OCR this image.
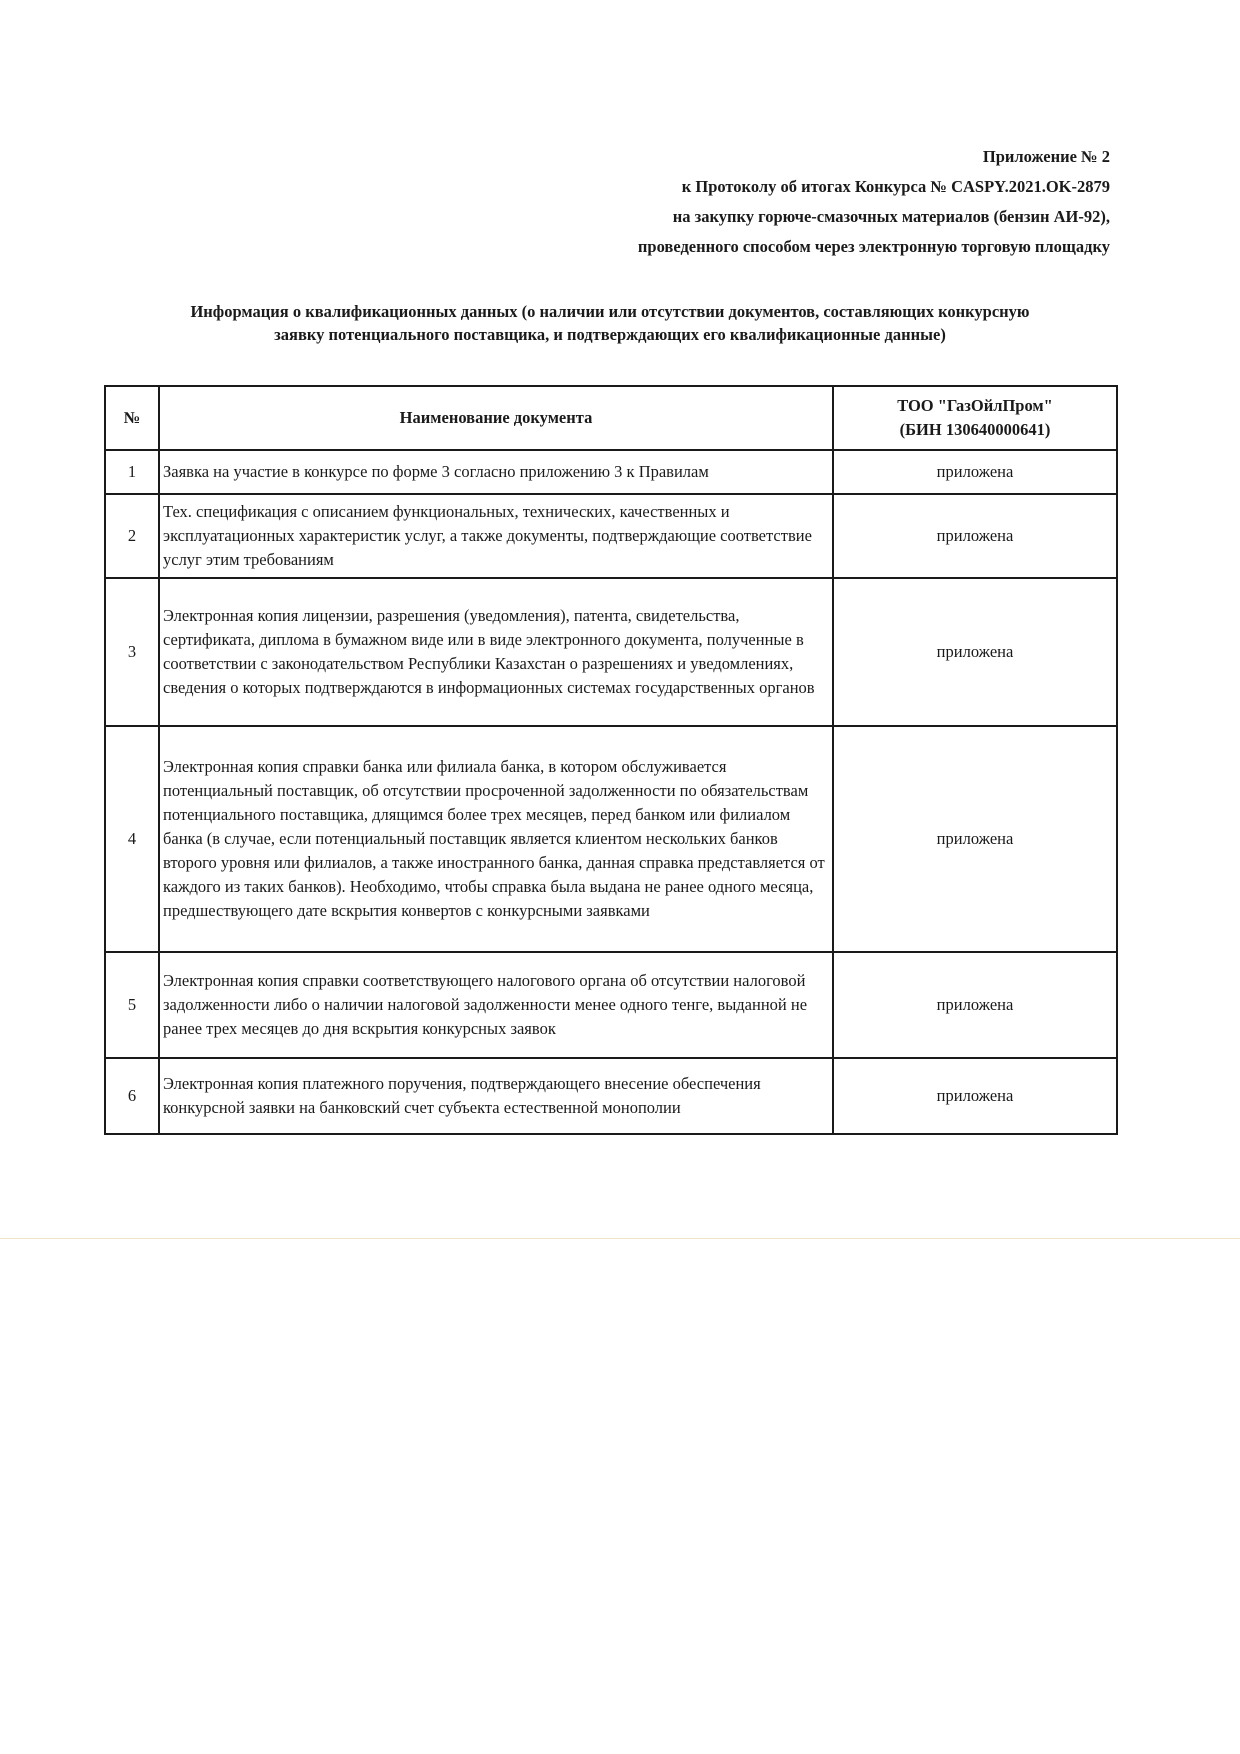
Приложение № 2
к Протоколу об итогах Конкурса № CASPY.2021.OK-2879
на закупку горюче-смазочных материалов (бензин АИ-92),
проведенного способом через электронную торговую площадку
Информация о квалификационных данных (о наличии или отсутствии документов, составляющих конкурсную
заявку потенциального поставщика, и подтверждающих его квалификационные данные)
№	Наименование документа	ТОО "ГазОйлПром"
(БИН 130640000641)

1	Заявка на участие в конкурсе по форме 3 согласно приложению 3 к Правилам	приложена
2	Тех. спецификация с описанием функциональных, технических, качественных и эксплуатационных характеристик услуг, а также документы, подтверждающие соответствие услуг этим требованиям	приложена
3	Электронная копия лицензии, разрешения (уведомления), патента, свидетельства, сертификата, диплома в бумажном виде или в виде электронного документа, полученные в соответствии с законодательством Республики Казахстан о разрешениях и уведомлениях, сведения о которых подтверждаются в информационных системах государственных органов	приложена
4	Электронная копия справки банка или филиала банка, в котором обслуживается потенциальный поставщик, об отсутствии просроченной задолженности по обязательствам потенциального поставщика, длящимся более трех месяцев, перед банком или филиалом банка (в случае, если потенциальный поставщик является клиентом нескольких банков второго уровня или филиалов, а также иностранного банка, данная справка представляется от каждого из таких банков). Необходимо, чтобы справка была выдана не ранее одного месяца, предшествующего дате вскрытия конвертов с конкурсными заявками	приложена
5	Электронная копия справки соответствующего налогового органа об отсутствии налоговой задолженности либо о наличии налоговой задолженности менее одного тенге, выданной не ранее трех месяцев до дня вскрытия конкурсных заявок	приложена
6	Электронная копия платежного поручения, подтверждающего внесение обеспечения конкурсной заявки на банковский счет субъекта естественной монополии	приложена
